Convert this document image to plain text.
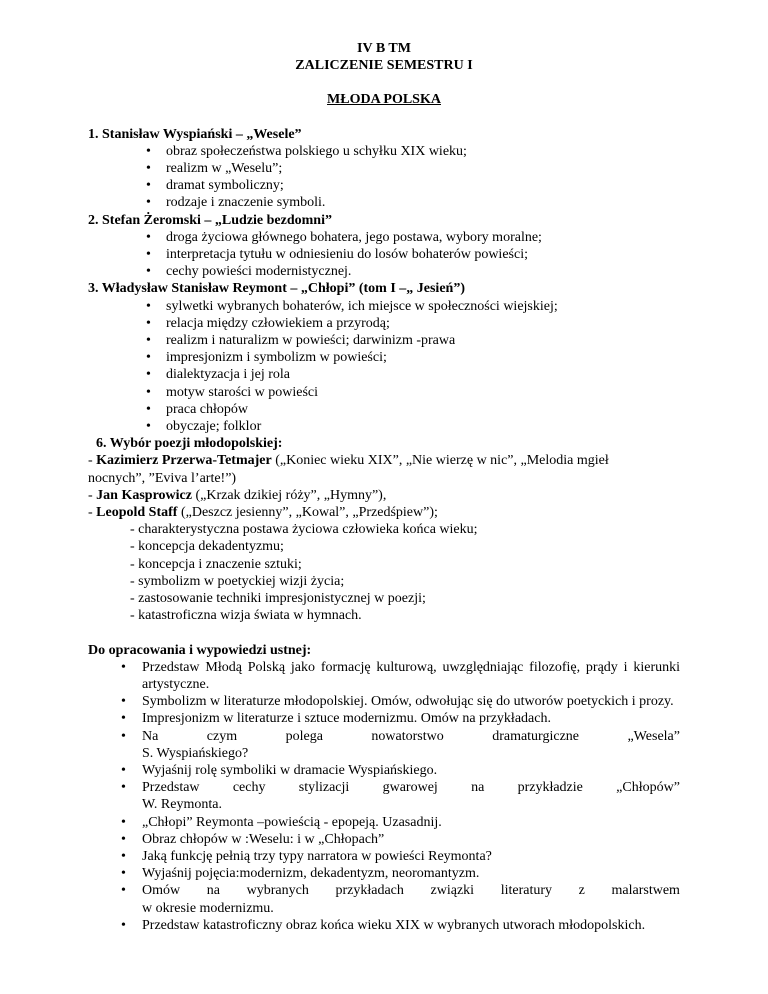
IV B TM
ZALICZENIE SEMESTRU I
MŁODA POLSKA
1. Stanisław Wyspiański – „Wesele”
• obraz społeczeństwa polskiego u schyłku XIX wieku;
• realizm w „Weselu”;
• dramat symboliczny;
• rodzaje i znaczenie symboli.
2. Stefan Żeromski – „Ludzie bezdomni”
• droga życiowa głównego bohatera, jego postawa, wybory moralne;
• interpretacja tytułu w odniesieniu do losów bohaterów powieści;
• cechy powieści modernistycznej.
3. Władysław Stanisław Reymont – „Chłopi” (tom I –„ Jesień”)
• sylwetki wybranych bohaterów, ich miejsce w społeczności wiejskiej;
• relacja między człowiekiem a przyrodą;
• realizm i naturalizm w powieści; darwinizm -prawa
• impresjonizm i symbolizm w powieści;
• dialektyzacja i jej rola
• motyw starości w powieści
• praca chłopów
• obyczaje; folklor
6. Wybór poezji młodopolskiej:
- Kazimierz Przerwa-Tetmajer („Koniec wieku XIX”, „Nie wierzę w nic”, „Melodia mgieł
nocnych”, ”Eviva l’arte!”)
- Jan Kasprowicz („Krzak dzikiej róży”, „Hymny”),
- Leopold Staff („Deszcz jesienny”, „Kowal”, „Przedśpiew”);
- charakterystyczna postawa życiowa człowieka końca wieku;
- koncepcja dekadentyzmu;
- koncepcja i znaczenie sztuki;
- symbolizm w poetyckiej wizji życia;
- zastosowanie techniki impresjonistycznej w poezji;
- katastroficzna wizja świata w hymnach.
Do opracowania i wypowiedzi ustnej:
• Przedstaw Młodą Polską jako formację kulturową, uwzględniając filozofię, prądy i kierunki artystyczne.
• Symbolizm w literaturze młodopolskiej. Omów, odwołując się do utworów poetyckich i prozy.
• Impresjonizm w literaturze i sztuce modernizmu. Omów na przykładach.
• Na	czym	polega	nowatorstwo	dramaturgiczne	„Wesela”
S. Wyspiańskiego?
• Wyjaśnij rolę symboliki w dramacie Wyspiańskiego.
• Przedstaw cechy stylizacji gwarowej na przykładzie „Chłopów”
W. Reymonta.
• „Chłopi” Reymonta –powieścią - epopeją. Uzasadnij.
• Obraz chłopów w :Weselu: i w „Chłopach”
• Jaką funkcję pełnią trzy typy narratora w powieści Reymonta?
• Wyjaśnij pojęcia:modernizm, dekadentyzm, neoromantyzm.
• Omów na wybranych przykładach związki literatury z malarstwem
w okresie modernizmu.
• Przedstaw katastroficzny obraz końca wieku XIX w wybranych utworach młodopolskich.
